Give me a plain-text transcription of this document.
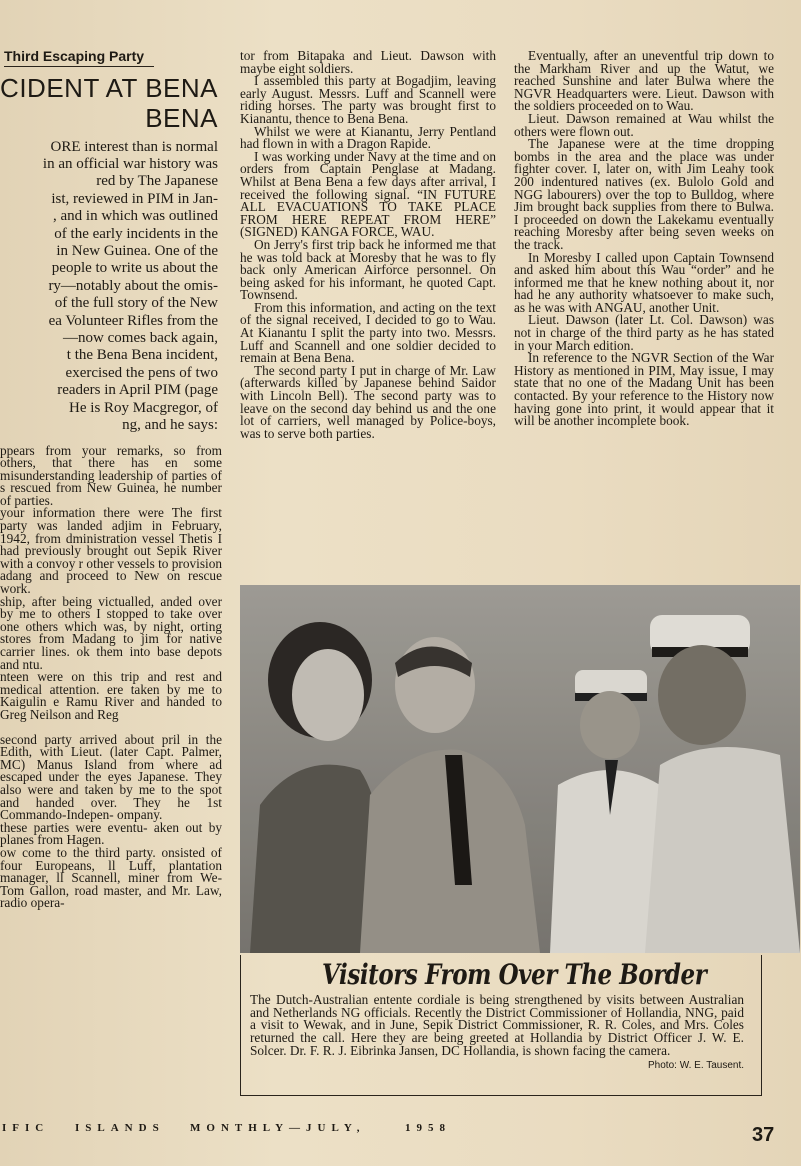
Third Escaping Party
CIDENT AT BENA BENA

ORE interest than is normal

in an official war history was

red by The Japanese

ist, reviewed in PIM in Jan-

, and in which was outlined

of the early incidents in the

in New Guinea. One of the

people to write us about the

ry—notably about the omis-

of the full story of the New

ea Volunteer Rifles from the

—now comes back again,

t the Bena Bena incident,

exercised the pens of two

readers in April PIM (page

He is Roy Macgregor, of

ng, and he says:

ppears from your remarks, so from others, that there has en some misunderstanding leadership of parties of s rescued from New Guinea, he number of parties.

your information there were The first party was landed adjim in February, 1942, from dministration vessel Thetis I had previously brought out Sepik River with a convoy r other vessels to provision adang and proceed to New on rescue work.

ship, after being victualled, anded over by me to others I stopped to take over one others which was, by night, orting stores from Madang to jim for native carrier lines. ok them into base depots and ntu.

nteen were on this trip and rest and medical attention. ere taken by me to Kaigulin e Ramu River and handed to Greg Neilson and Reg

second party arrived about pril in the Edith, with Lieut. (later Capt. Palmer, MC) Manus Island from where ad escaped under the eyes Japanese. They also were and taken by me to the spot and handed over. They he 1st Commando-Indepen- ompany.

these parties were eventu- aken out by planes from Hagen.

ow come to the third party. onsisted of four Europeans, ll Luff, plantation manager, ll Scannell, miner from We- Tom Gallon, road master, and Mr. Law, radio opera-

tor from Bitapaka and Lieut. Dawson with maybe eight soldiers.

I assembled this party at Bogadjim, leaving early August. Messrs. Luff and Scannell were riding horses. The party was brought first to Kianantu, thence to Bena Bena.

Whilst we were at Kianantu, Jerry Pentland had flown in with a Dragon Rapide.

I was working under Navy at the time and on orders from Captain Penglase at Madang. Whilst at Bena Bena a few days after arrival, I received the following signal. “IN FUTURE ALL EVACUATIONS TO TAKE PLACE FROM HERE REPEAT FROM HERE” (SIGNED) KANGA FORCE, WAU.

On Jerry's first trip back he informed me that he was told back at Moresby that he was to fly back only American Airforce personnel. On being asked for his informant, he quoted Capt. Townsend.

From this information, and acting on the text of the signal received, I decided to go to Wau. At Kianantu I split the party into two. Messrs. Luff and Scannell and one soldier decided to remain at Bena Bena.

The second party I put in charge of Mr. Law (afterwards killed by Japanese behind Saidor with Lincoln Bell). The second party was to leave on the second day behind us and the one lot of carriers, well managed by Police-boys, was to serve both parties.

Eventually, after an uneventful trip down to the Markham River and up the Watut, we reached Sunshine and later Bulwa where the NGVR Headquarters were. Lieut. Dawson with the soldiers proceeded on to Wau.

Lieut. Dawson remained at Wau whilst the others were flown out.

The Japanese were at the time dropping bombs in the area and the place was under fighter cover. I, later on, with Jim Leahy took 200 indentured natives (ex. Bulolo Gold and NGG labourers) over the top to Bulldog, where Jim brought back supplies from there to Bulwa. I proceeded on down the Lakekamu eventually reaching Moresby after being seven weeks on the track.

In Moresby I called upon Captain Townsend and asked him about this Wau “order” and he informed me that he knew nothing about it, nor had he any authority whatsoever to make such, as he was with ANGAU, another Unit.

Lieut. Dawson (later Lt. Col. Dawson) was not in charge of the third party as he has stated in your March edition.

In reference to the NGVR Section of the War History as mentioned in PIM, May issue, I may state that no one of the Madang Unit has been contacted. By your reference to the History now having gone into print, it would appear that it will be another incomplete book.

Visitors From Over The Border
The Dutch-Australian entente cordiale is being strengthened by visits between Australian and Netherlands NG officials. Recently the District Commissioner of Hollandia, NNG, paid a visit to Wewak, and in June, Sepik District Commissioner, R. R. Coles, and Mrs. Coles returned the call. Here they are being greeted at Hollandia by District Officer J. W. E. Solcer. Dr. F. R. J. Eibrinka Jansen, DC Hollandia, is shown facing the camera.
Photo: W. E. Tausent.
IFIC ISLANDS MONTHLY—JULY,	1958	37
